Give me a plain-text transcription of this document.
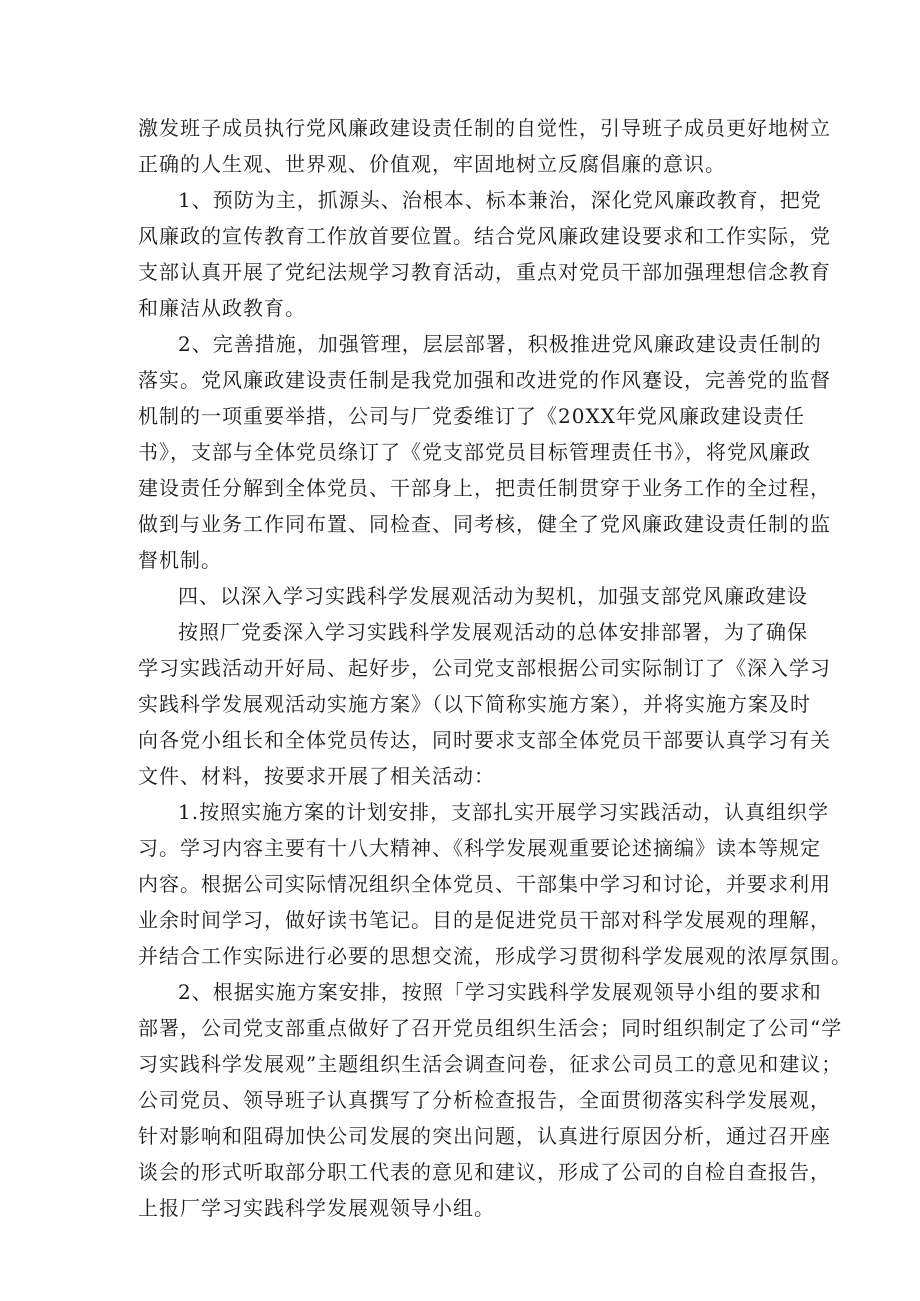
激发班子成员执行党风廉政建设责任制的自觉性，引导班子成员更好地树立
正确的人生观、世界观、价值观，牢固地树立反腐倡廉的意识。
1、预防为主，抓源头、治根本、标本兼治，深化党风廉政教育，把党
风廉政的宣传教育工作放首要位置。结合党风廉政建设要求和工作实际，党
支部认真开展了党纪法规学习教育活动，重点对党员干部加强理想信念教育
和廉洁从政教育。
2、完善措施，加强管理，层层部署，积极推进党风廉政建设责任制的
落实。党风廉政建设责任制是我党加强和改进党的作风蹇设，完善党的监督
机制的一项重要举措，公司与厂党委维订了《20XX年党风廉政建设责任
书》，支部与全体党员绦订了《党支部党员目标管理责任书》，将党风廉政
建设责任分解到全体党员、干部身上，把责任制贯穿于业务工作的全过程，
做到与业务工作同布置、同检查、同考核，健全了党风廉政建设责任制的监
督机制。
四、以深入学习实践科学发展观活动为契机，加强支部党风廉政建设
按照厂党委深入学习实践科学发展观活动的总体安排部署，为了确保
学习实践活动开好局、起好步，公司党支部根据公司实际制订了《深入学习
实践科学发展观活动实施方案》（以下简称实施方案），并将实施方案及时
向各党小组长和全体党员传达，同时要求支部全体党员干部要认真学习有关
文件、材料，按要求开展了相关活动：
1.按照实施方案的计划安排，支部扎实开展学习实践活动，认真组织学
习。学习内容主要有十八大精神、《科学发展观重要论述摘编》读本等规定
内容。根据公司实际情况组织全体党员、干部集中学习和讨论，并要求利用
业余时间学习，做好读书笔记。目的是促进党员干部对科学发展观的理解，
并结合工作实际进行必要的思想交流，形成学习贯彻科学发展观的浓厚氛围。
2、根据实施方案安排，按照「学习实践科学发展观领导小组的要求和
部署，公司党支部重点做好了召开党员组织生活会；同时组织制定了公司“学
习实践科学发展观”主题组织生活会调查问卷，征求公司员工的意见和建议；
公司党员、领导班子认真撰写了分析检查报告，全面贯彻落实科学发展观，
针对影响和阻碍加快公司发展的突出问题，认真进行原因分析，通过召开座
谈会的形式听取部分职工代表的意见和建议，形成了公司的自检自查报告，
上报厂学习实践科学发展观领导小组。
